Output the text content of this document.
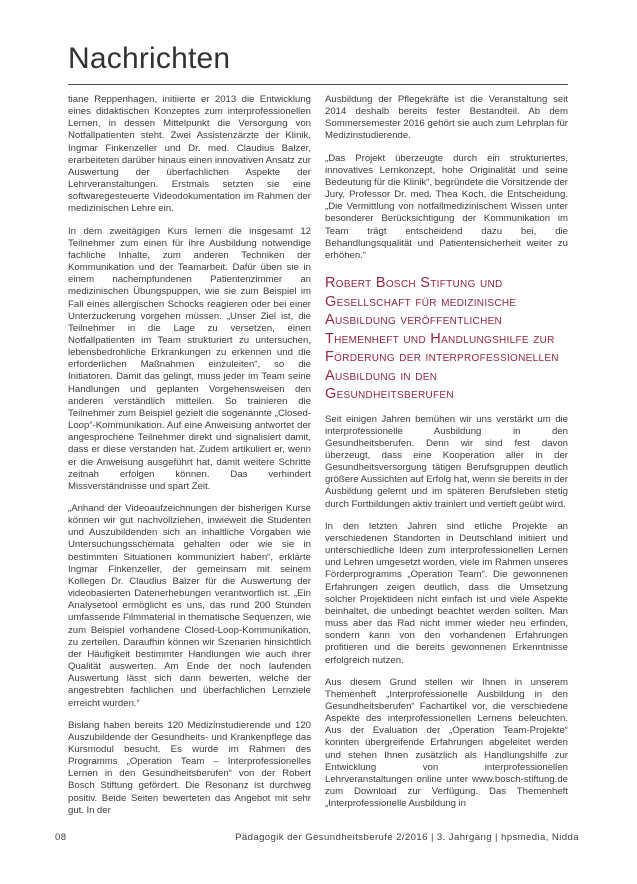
Nachrichten

tiane Reppenhagen, initiierte er 2013 die Entwicklung eines didaktischen Konzeptes zum interprofessionellen Lernen, in dessen Mittelpunkt die Versorgung von Notfallpatienten steht. Zwei Assistenzärzte der Klinik, Ingmar Finkenzeller und Dr. med. Claudius Balzer, erarbeiteten darüber hinaus einen innovativen Ansatz zur Auswertung der überfachlichen Aspekte der Lehrveranstaltungen. Erstmals setzten sie eine softwaregesteuerte Videodokumentation im Rahmen der medizinischen Lehre ein.

In dem zweitägigen Kurs lernen die insgesamt 12 Teilnehmer zum einen für ihre Ausbildung notwendige fachliche Inhalte, zum anderen Techniken der Kommunikation und der Teamarbeit. Dafür üben sie in einem nachempfundenen Patientenzimmer an medizinischen Übungspuppen, wie sie zum Beispiel im Fall eines allergischen Schocks reagieren oder bei einer Unterzuckerung vorgehen müssen. „Unser Ziel ist, die Teilnehmer in die Lage zu versetzen, einen Notfallpatienten im Team strukturiert zu untersuchen, lebensbedrohliche Erkrankungen zu erkennen und die erforderlichen Maßnahmen einzuleiten“, so die Initiatoren. Damit das gelingt, muss jeder im Team seine Handlungen und geplanten Vorgehensweisen den anderen verständlich mitteilen. So trainieren die Teilnehmer zum Beispiel gezielt die sogenannte „Closed-Loop“-Kommunikation. Auf eine Anweisung antwortet der angesprochene Teilnehmer direkt und signalisiert damit, dass er diese verstanden hat. Zudem artikuliert er, wenn er die Anweisung ausgeführt hat, damit weitere Schritte zeitnah erfolgen können. Das verhindert Missverständnisse und spart Zeit.

„Anhand der Videoaufzeichnungen der bisherigen Kurse können wir gut nachvollziehen, inwieweit die Studenten und Auszubildenden sich an inhaltliche Vorgaben wie Untersuchungsschemata gehalten oder wie sie in bestimmten Situationen kommuniziert haben“, erklärte Ingmar Finkenzeller, der gemeinsam mit seinem Kollegen Dr. Claudius Balzer für die Auswertung der videobasierten Datenerhebungen verantwortlich ist. „Ein Analysetool ermöglicht es uns, das rund 200 Stunden umfassende Filmmaterial in thematische Sequenzen, wie zum Beispiel vorhandene Closed-Loop-Kommunikation, zu zerteilen. Daraufhin können wir Szenarien hinsichtlich der Häufigkeit bestimmter Handlungen wie auch ihrer Qualität auswerten. Am Ende der noch laufenden Auswertung lässt sich dann bewerten, welche der angestrebten fachlichen und überfachlichen Lernziele erreicht wurden.“

Bislang haben bereits 120 Medizinstudierende und 120 Auszubildende der Gesundheits- und Krankenpflege das Kursmodul besucht. Es wurde im Rahmen des Programms „Operation Team – Interprofessionelles Lernen in den Gesundheitsberufen“ von der Robert Bosch Stiftung gefördert. Die Resonanz ist durchweg positiv. Beide Seiten bewerteten das Angebot mit sehr gut. In der

Ausbildung der Pflegekräfte ist die Veranstaltung seit 2014 deshalb bereits fester Bestandteil. Ab dem Sommersemester 2016 gehört sie auch zum Lehrplan für Medizinstudierende.

„Das Projekt überzeugte durch ein strukturiertes, innovatives Lernkonzept, hohe Originalität und seine Bedeutung für die Klinik“, begründete die Vorsitzende der Jury, Professor Dr. med. Thea Koch, die Entscheidung. „Die Vermittlung von notfallmedizinischem Wissen unter besonderer Berücksichtigung der Kommunikation im Team trägt entscheidend dazu bei, die Behandlungsqualität und Patientensicherheit weiter zu erhöhen.“

Robert Bosch Stiftung und Gesellschaft für medizinische Ausbildung veröffentlichen Themenheft und Handlungshilfe zur Förderung der interprofessionellen Ausbildung in den Gesundheitsberufen

Seit einigen Jahren bemühen wir uns verstärkt um die interprofessionelle Ausbildung in den Gesundheitsberufen. Denn wir sind fest davon überzeugt, dass eine Kooperation aller in der Gesundheitsversorgung tätigen Berufsgruppen deutlich größere Aussichten auf Erfolg hat, wenn sie bereits in der Ausbildung gelernt und im späteren Berufsleben stetig durch Fortbildungen aktiv trainiert und vertieft geübt wird.

In den letzten Jahren sind etliche Projekte an verschiedenen Standorten in Deutschland initiiert und unterschiedliche Ideen zum interprofessionellen Lernen und Lehren umgesetzt worden, viele im Rahmen unseres Förderprogramms „Operation Team“. Die gewonnenen Erfahrungen zeigen deutlich, dass die Umsetzung solcher Projektideen nicht einfach ist und viele Aspekte beinhaltet, die unbedingt beachtet werden sollten. Man muss aber das Rad nicht immer wieder neu erfinden, sondern kann von den vorhandenen Erfahrungen profitieren und die bereits gewonnenen Erkenntnisse erfolgreich nutzen.

Aus diesem Grund stellen wir Ihnen in unserem Themenheft „Interprofessionelle Ausbildung in den Gesundheitsberufen“ Fachartikel vor, die verschiedene Aspekte des interprofessionellen Lernens beleuchten. Aus der Evaluation der „Operation Team-Projekte“ konnten übergreifende Erfahrungen abgeleitet werden und stehen Ihnen zusätzlich als Handlungshilfe zur Entwicklung von interprofessionellen Lehrveranstaltungen online unter www.bosch-stiftung.de zum Download zur Verfügung. Das Themenheft „Interprofessionelle Ausbildung in

08	Pädagogik der Gesundheitsberufe 2/2016 | 3. Jahrgang | hpsmedia, Nidda
